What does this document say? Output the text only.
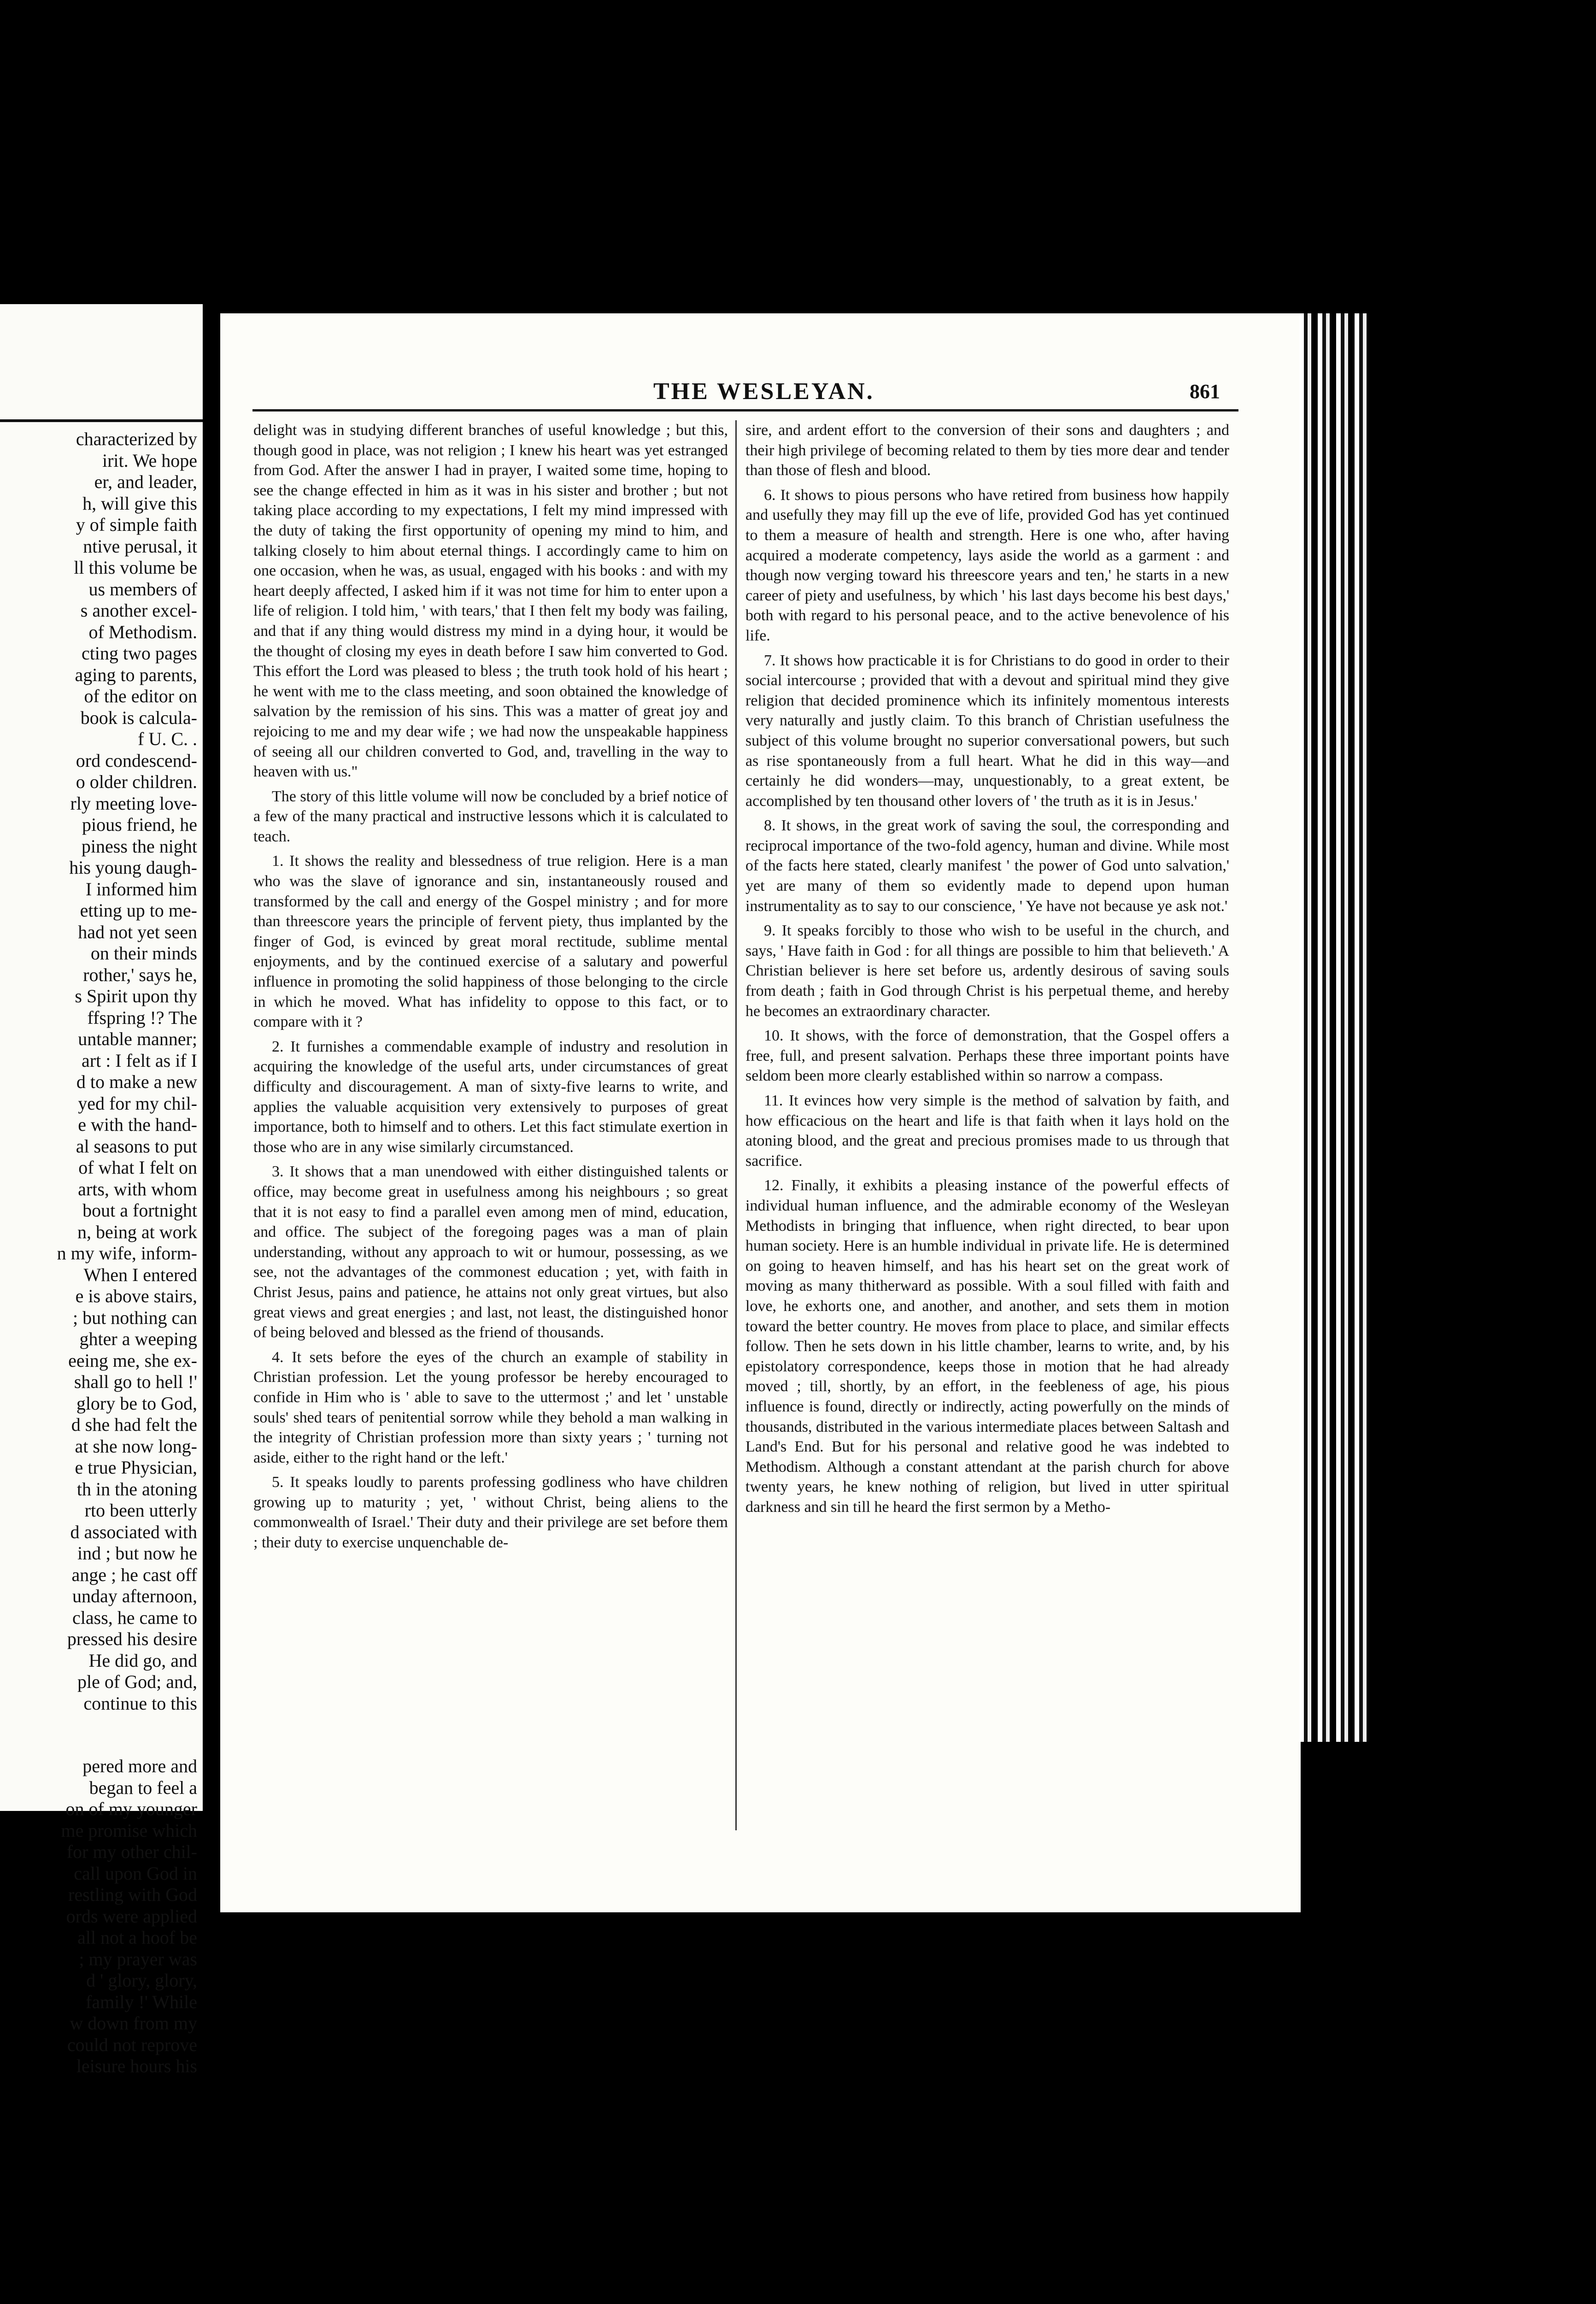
characterized by
irit. We hope
er, and leader,
h, will give this
y of simple faith
ntive perusal, it
ll this volume be
us members of
s another excel-
of Methodism.
cting two pages
aging to parents,
of the editor on
book is calcula-
f U. C. .
ord condescend-
o older children.
rly meeting love-
pious friend, he
piness the night
his young daugh-
I informed him
etting up to me-
had not yet seen
on their minds
rother,' says he,
s Spirit upon thy
ffspring !? The
untable manner;
art : I felt as if I
d to make a new
yed for my chil-
e with the hand-
al seasons to put
of what I felt on
arts, with whom
bout a fortnight
n, being at work
n my wife, inform-
When I entered
e is above stairs,
; but nothing can
ghter a weeping
eeing me, she ex-
shall go to hell !'
glory be to God,
d she had felt the
at she now long-
e true Physician,
th in the atoning
rto been utterly
d associated with
ind ; but now he
ange ; he cast off
unday afternoon,
class, he came to
pressed his desire
He did go, and
ple of God; and,
continue to this
pered more and
began to feel a
on of my younger
me promise which
for my other chil-
call upon God in
restling with God
ords were applied
all not a hoof be
; my prayer was
d ' glory, glory,
family !' While
w down from my
could not reprove
leisure hours his
THE WESLEYAN.	861

delight was in studying different branches of useful knowledge ; but this, though good in place, was not religion ; I knew his heart was yet estranged from God. After the answer I had in prayer, I waited some time, hoping to see the change effected in him as it was in his sister and brother ; but not taking place according to my expectations, I felt my mind impressed with the duty of taking the first opportunity of opening my mind to him, and talking closely to him about eternal things. I accordingly came to him on one occasion, when he was, as usual, engaged with his books : and with my heart deeply affected, I asked him if it was not time for him to enter upon a life of religion. I told him, ' with tears,' that I then felt my body was failing, and that if any thing would distress my mind in a dying hour, it would be the thought of closing my eyes in death before I saw him converted to God. This effort the Lord was pleased to bless ; the truth took hold of his heart ; he went with me to the class meeting, and soon obtained the knowledge of salvation by the remission of his sins. This was a matter of great joy and rejoicing to me and my dear wife ; we had now the unspeakable happiness of seeing all our children converted to God, and, travelling in the way to heaven with us."

The story of this little volume will now be concluded by a brief notice of a few of the many practical and instructive lessons which it is calculated to teach.

1. It shows the reality and blessedness of true religion. Here is a man who was the slave of ignorance and sin, instantaneously roused and transformed by the call and energy of the Gospel ministry ; and for more than threescore years the principle of fervent piety, thus implanted by the finger of God, is evinced by great moral rectitude, sublime mental enjoyments, and by the continued exercise of a salutary and powerful influence in promoting the solid happiness of those belonging to the circle in which he moved. What has infidelity to oppose to this fact, or to compare with it ?

2. It furnishes a commendable example of industry and resolution in acquiring the knowledge of the useful arts, under circumstances of great difficulty and discouragement. A man of sixty-five learns to write, and applies the valuable acquisition very extensively to purposes of great importance, both to himself and to others. Let this fact stimulate exertion in those who are in any wise similarly circumstanced.

3. It shows that a man unendowed with either distinguished talents or office, may become great in usefulness among his neighbours ; so great that it is not easy to find a parallel even among men of mind, education, and office. The subject of the foregoing pages was a man of plain understanding, without any approach to wit or humour, possessing, as we see, not the advantages of the commonest education ; yet, with faith in Christ Jesus, pains and patience, he attains not only great virtues, but also great views and great energies ; and last, not least, the distinguished honor of being beloved and blessed as the friend of thousands.

4. It sets before the eyes of the church an example of stability in Christian profession. Let the young professor be hereby encouraged to confide in Him who is ' able to save to the uttermost ;' and let ' unstable souls' shed tears of penitential sorrow while they behold a man walking in the integrity of Christian profession more than sixty years ; ' turning not aside, either to the right hand or the left.'

5. It speaks loudly to parents professing godliness who have children growing up to maturity ; yet, ' without Christ, being aliens to the commonwealth of Israel.' Their duty and their privilege are set before them ; their duty to exercise unquenchable de-

sire, and ardent effort to the conversion of their sons and daughters ; and their high privilege of becoming related to them by ties more dear and tender than those of flesh and blood.

6. It shows to pious persons who have retired from business how happily and usefully they may fill up the eve of life, provided God has yet continued to them a measure of health and strength. Here is one who, after having acquired a moderate competency, lays aside the world as a garment : and though now verging toward his threescore years and ten,' he starts in a new career of piety and usefulness, by which ' his last days become his best days,' both with regard to his personal peace, and to the active benevolence of his life.

7. It shows how practicable it is for Christians to do good in order to their social intercourse ; provided that with a devout and spiritual mind they give religion that decided prominence which its infinitely momentous interests very naturally and justly claim. To this branch of Christian usefulness the subject of this volume brought no superior conversational powers, but such as rise spontaneously from a full heart. What he did in this way—and certainly he did wonders—may, unquestionably, to a great extent, be accomplished by ten thousand other lovers of ' the truth as it is in Jesus.'

8. It shows, in the great work of saving the soul, the corresponding and reciprocal importance of the two-fold agency, human and divine. While most of the facts here stated, clearly manifest ' the power of God unto salvation,' yet are many of them so evidently made to depend upon human instrumentality as to say to our conscience, ' Ye have not because ye ask not.'

9. It speaks forcibly to those who wish to be useful in the church, and says, ' Have faith in God : for all things are possible to him that believeth.' A Christian believer is here set before us, ardently desirous of saving souls from death ; faith in God through Christ is his perpetual theme, and hereby he becomes an extraordinary character.

10. It shows, with the force of demonstration, that the Gospel offers a free, full, and present salvation. Perhaps these three important points have seldom been more clearly established within so narrow a compass.

11. It evinces how very simple is the method of salvation by faith, and how efficacious on the heart and life is that faith when it lays hold on the atoning blood, and the great and precious promises made to us through that sacrifice.

12. Finally, it exhibits a pleasing instance of the powerful effects of individual human influence, and the admirable economy of the Wesleyan Methodists in bringing that influence, when right directed, to bear upon human society. Here is an humble individual in private life. He is determined on going to heaven himself, and has his heart set on the great work of moving as many thitherward as possible. With a soul filled with faith and love, he exhorts one, and another, and another, and sets them in motion toward the better country. He moves from place to place, and similar effects follow. Then he sets down in his little chamber, learns to write, and, by his epistolatory correspondence, keeps those in motion that he had already moved ; till, shortly, by an effort, in the feebleness of age, his pious influence is found, directly or indirectly, acting powerfully on the minds of thousands, distributed in the various intermediate places between Saltash and Land's End. But for his personal and relative good he was indebted to Methodism. Although a constant attendant at the parish church for above twenty years, he knew nothing of religion, but lived in utter spiritual darkness and sin till he heard the first sermon by a Metho-
